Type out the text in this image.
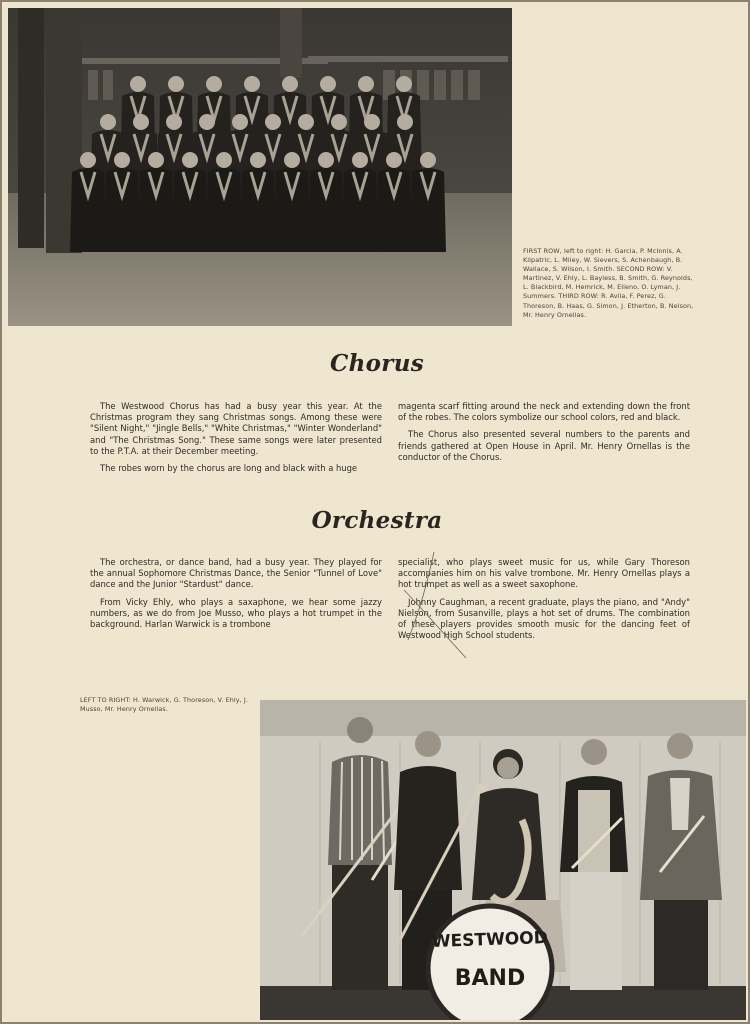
FIRST ROW, left to right: H. Garcia, P. McInnis, A. Kilpatric, L. Miley, W. Sievers, S. Achenbaugh, B. Wallace, S. Wilson, I. Smith. SECOND ROW: V. Martinez, V. Ehly, L. Bayless, B. Smith, G. Reynolds, L. Blackbird, M. Hemrick, M. Elleno, O. Lyman, J. Summers. THIRD ROW: R. Avila, F. Perez, G. Thoreson, B. Haas, G. Simon, J. Etherton, B. Nelson, Mr. Henry Ornellas.
Chorus

The Westwood Chorus has had a busy year this year. At the Christmas program they sang Christmas songs. Among these were "Silent Night," "Jingle Bells," "White Christmas," "Winter Wonderland" and "The Christmas Song." These same songs were later presented to the P.T.A. at their December meeting.

The robes worn by the chorus are long and black with a huge

magenta scarf fitting around the neck and extending down the front of the robes. The colors symbolize our school colors, red and black.

The Chorus also presented several numbers to the parents and friends gathered at Open House in April. Mr. Henry Ornellas is the conductor of the Chorus.

Orchestra

The orchestra, or dance band, had a busy year. They played for the annual Sophomore Christmas Dance, the Senior "Tunnel of Love" dance and the Junior "Stardust" dance.

From Vicky Ehly, who plays a saxaphone, we hear some jazzy numbers, as we do from Joe Musso, who plays a hot trumpet in the background. Harlan Warwick is a trombone

specialist, who plays sweet music for us, while Gary Thoreson accompanies him on his valve trombone. Mr. Henry Ornellas plays a hot trumpet as well as a sweet saxophone.

Johnny Caughman, a recent graduate, plays the piano, and "Andy" Nielson, from Susanville, plays a hot set of drums. The combination of these players provides smooth music for the dancing feet of Westwood High School students.

LEFT TO RIGHT: H. Warwick, G. Thoreson, V. Ehly, J. Musso, Mr. Henry Ornellas.
WESTWOOD
BAND
